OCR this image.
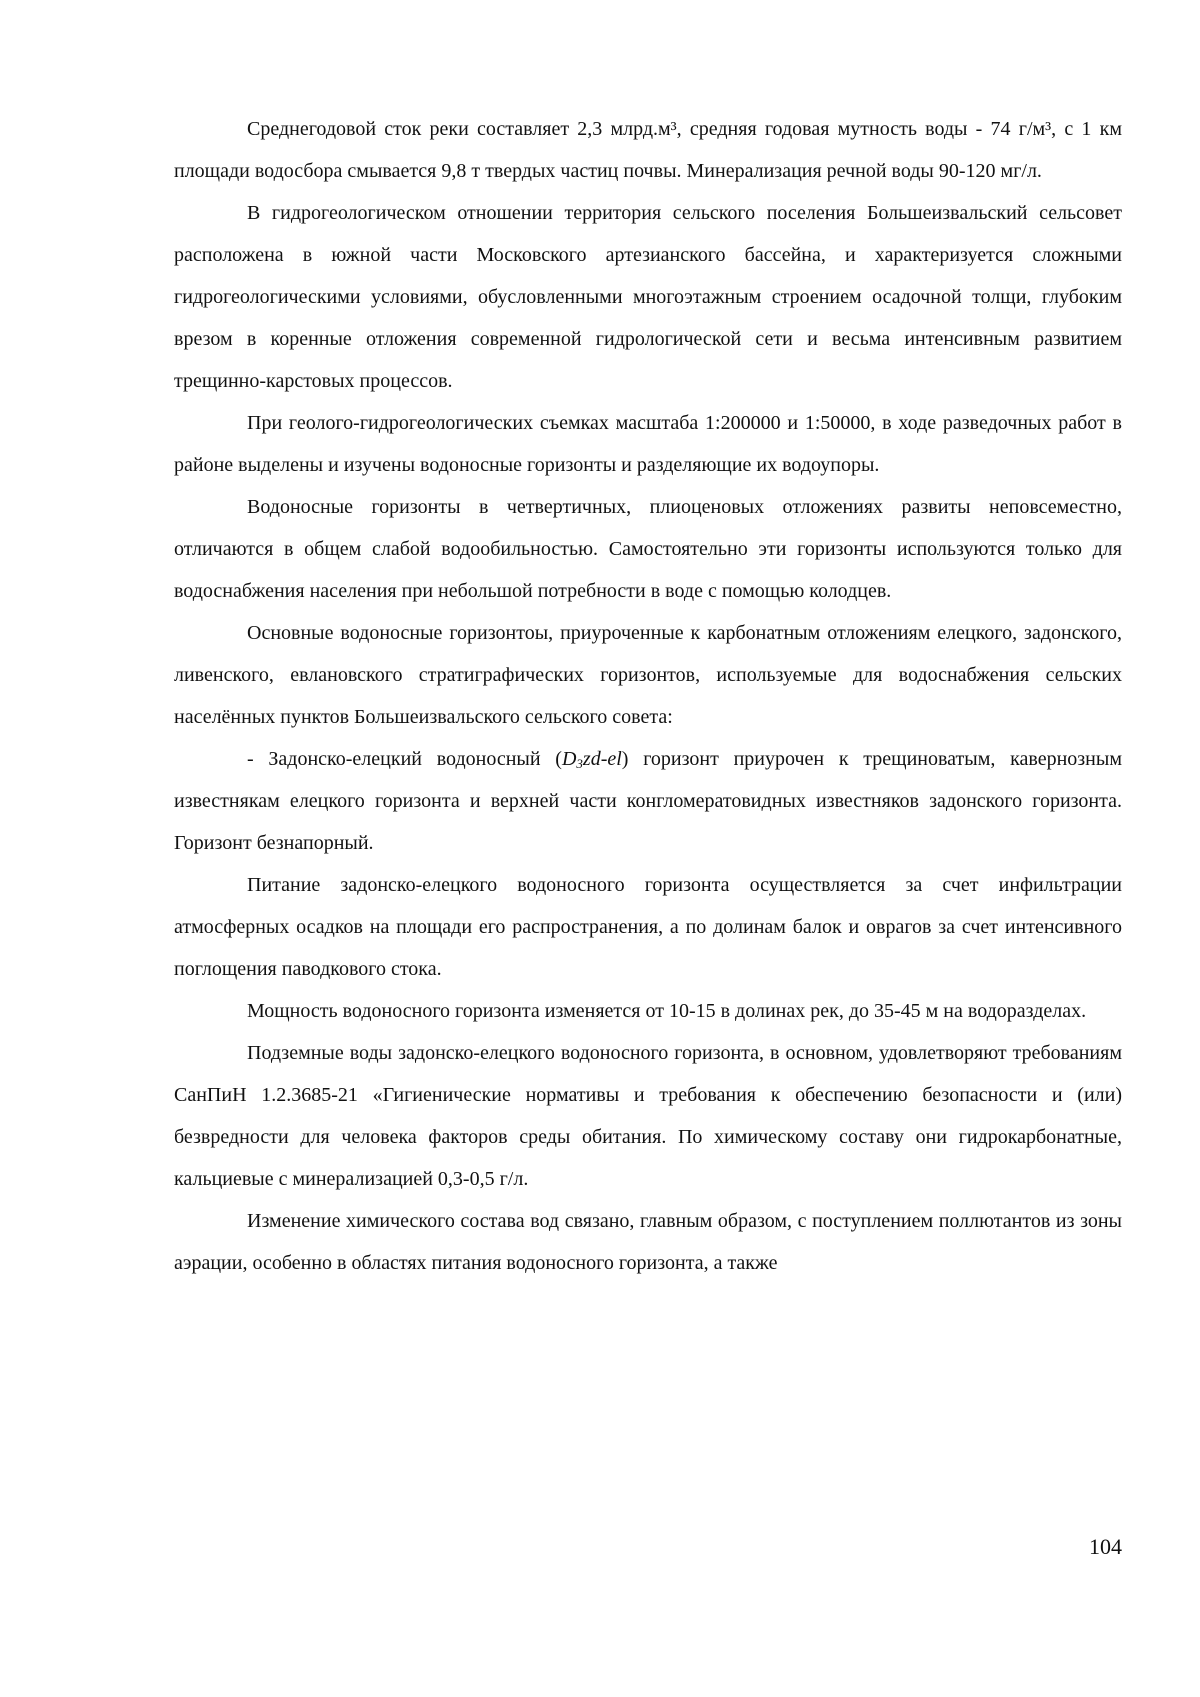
Среднегодовой сток реки составляет 2,3 млрд.м³, средняя годовая мутность воды - 74 г/м³, с 1 км площади водосбора смывается 9,8 т твердых частиц почвы. Минерализация речной воды 90-120 мг/л.

В гидрогеологическом отношении территория сельского поселения Большеизвальский сельсовет расположена в южной части Московского артезианского бассейна, и характеризуется сложными гидрогеологическими условиями, обусловленными многоэтажным строением осадочной толщи, глубоким врезом в коренные отложения современной гидрологической сети и весьма интенсивным развитием трещинно-карстовых процессов.

При геолого-гидрогеологических съемках масштаба 1:200000 и 1:50000, в ходе разведочных работ в районе выделены и изучены водоносные горизонты и разделяющие их водоупоры.

Водоносные горизонты в четвертичных, плиоценовых отложениях развиты неповсеместно, отличаются в общем слабой водообильностью. Самостоятельно эти горизонты используются только для водоснабжения населения при небольшой потребности в воде с помощью колодцев.

Основные водоносные горизонтоы, приуроченные к карбонатным отложениям елецкого, задонского, ливенского, евлановского стратиграфических горизонтов, используемые для водоснабжения сельских населённых пунктов Большеизвальского сельского совета:

- Задонско-елецкий водоносный $(D_3zd-el)$ горизонт приурочен к трещиноватым, кавернозным известнякам елецкого горизонта и верхней части конгломератовидных известняков задонского горизонта. Горизонт безнапорный.

Питание задонско-елецкого водоносного горизонта осуществляется за счет инфильтрации атмосферных осадков на площади его распространения, а по долинам балок и оврагов за счет интенсивного поглощения паводкового стока.

Мощность водоносного горизонта изменяется от 10-15 в долинах рек, до 35-45 м на водоразделах.

Подземные воды задонско-елецкого водоносного горизонта, в основном, удовлетворяют требованиям СанПиН 1.2.3685-21 «Гигиенические нормативы и требования к обеспечению безопасности и (или) безвредности для человека факторов среды обитания. По химическому составу они гидрокарбонатные, кальциевые с минерализацией 0,3-0,5 г/л.

Изменение химического состава вод связано, главным образом, с поступлением поллютантов из зоны аэрации, особенно в областях питания водоносного горизонта, а также

104
